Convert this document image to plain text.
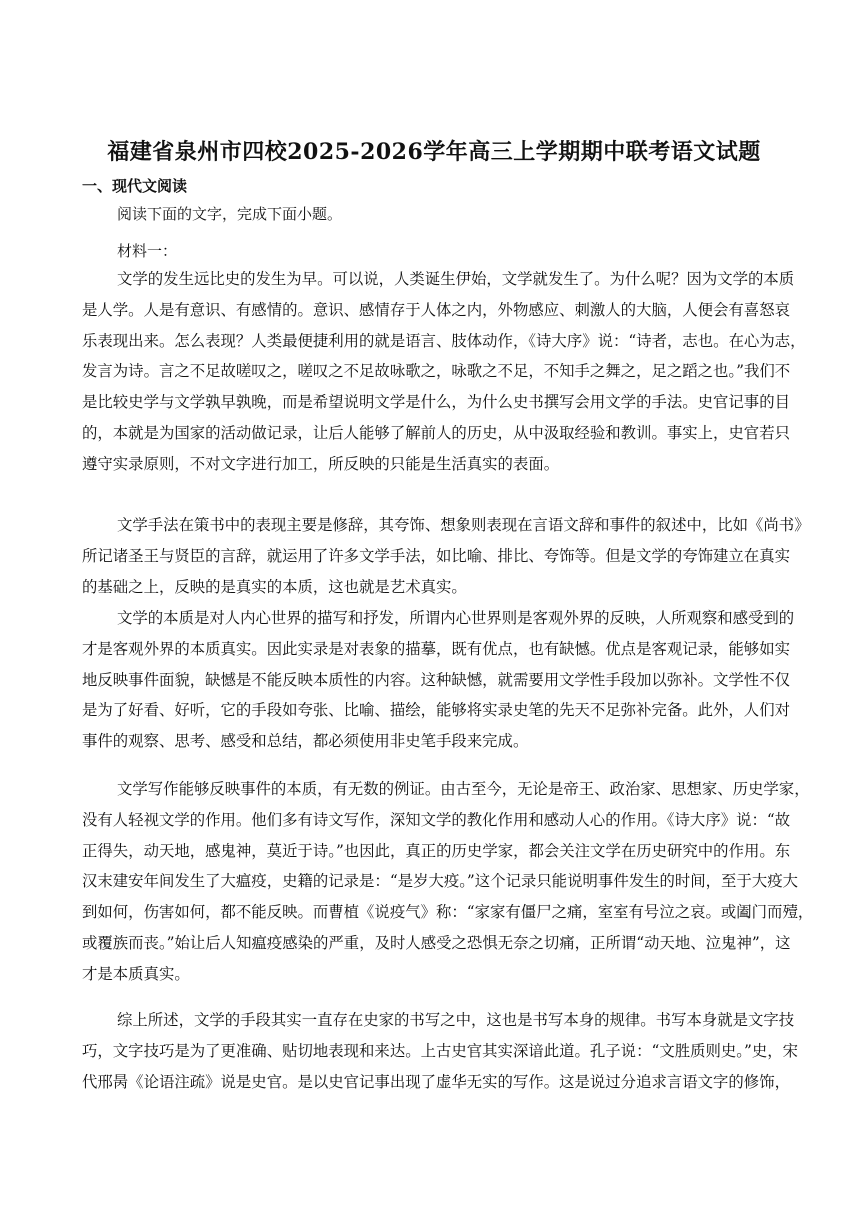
福建省泉州市四校2025-2026学年高三上学期期中联考语文试题
一、现代文阅读
阅读下面的文字，完成下面小题。
材料一：
文学的发生远比史的发生为早。可以说，人类诞生伊始，文学就发生了。为什么呢？因为文学的本质
是人学。人是有意识、有感情的。意识、感情存于人体之内，外物感应、刺激人的大脑，人便会有喜怒哀
乐表现出来。怎么表现？人类最便捷利用的就是语言、肢体动作，《诗大序》说：“诗者，志也。在心为志，
发言为诗。言之不足故嗟叹之，嗟叹之不足故咏歌之，咏歌之不足，不知手之舞之，足之蹈之也。”我们不
是比较史学与文学孰早孰晚，而是希望说明文学是什么，为什么史书撰写会用文学的手法。史官记事的目
的，本就是为国家的活动做记录，让后人能够了解前人的历史，从中汲取经验和教训。事实上，史官若只
遵守实录原则，不对文字进行加工，所反映的只能是生活真实的表面。
文学手法在策书中的表现主要是修辞，其夸饰、想象则表现在言语文辞和事件的叙述中，比如《尚书》
所记诸圣王与贤臣的言辞，就运用了许多文学手法，如比喻、排比、夸饰等。但是文学的夸饰建立在真实
的基础之上，反映的是真实的本质，这也就是艺术真实。
文学的本质是对人内心世界的描写和抒发，所谓内心世界则是客观外界的反映，人所观察和感受到的
才是客观外界的本质真实。因此实录是对表象的描摹，既有优点，也有缺憾。优点是客观记录，能够如实
地反映事件面貌，缺憾是不能反映本质性的内容。这种缺憾，就需要用文学性手段加以弥补。文学性不仅
是为了好看、好听，它的手段如夸张、比喻、描绘，能够将实录史笔的先天不足弥补完备。此外，人们对
事件的观察、思考、感受和总结，都必须使用非史笔手段来完成。
文学写作能够反映事件的本质，有无数的例证。由古至今，无论是帝王、政治家、思想家、历史学家，
没有人轻视文学的作用。他们多有诗文写作，深知文学的教化作用和感动人心的作用。《诗大序》说：“故
正得失，动天地，感鬼神，莫近于诗。”也因此，真正的历史学家，都会关注文学在历史研究中的作用。东
汉末建安年间发生了大瘟疫，史籍的记录是：“是岁大疫。”这个记录只能说明事件发生的时间，至于大疫大
到如何，伤害如何，都不能反映。而曹植《说疫气》称：“家家有僵尸之痛，室室有号泣之哀。或阖门而殪，
或覆族而丧。”始让后人知瘟疫感染的严重，及时人感受之恐惧无奈之切痛，正所谓“动天地、泣鬼神”，这
才是本质真实。
综上所述，文学的手段其实一直存在史家的书写之中，这也是书写本身的规律。书写本身就是文字技
巧，文字技巧是为了更准确、贴切地表现和来达。上古史官其实深谙此道。孔子说：“文胜质则史。”史，宋
代邢昺《论语注疏》说是史官。是以史官记事出现了虚华无实的写作。这是说过分追求言语文字的修饰，
